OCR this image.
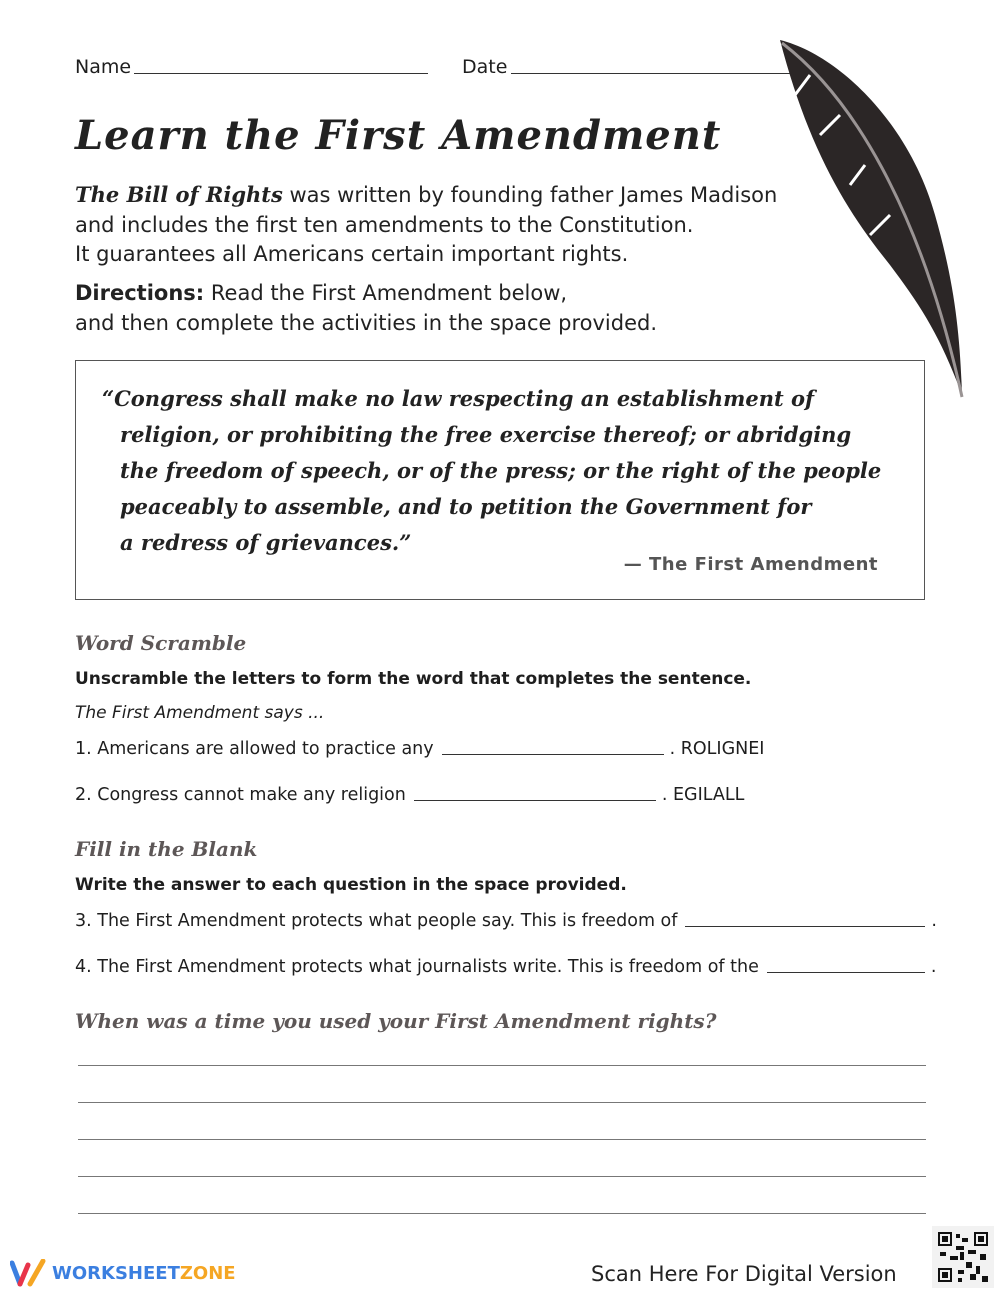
Name	Date
Learn the First Amendment
The Bill of Rights was written by founding father James Madison
and includes the first ten amendments to the Constitution.
It guarantees all Americans certain important rights.
Directions: Read the First Amendment below,
and then complete the activities in the space provided.
“Congress shall make no law respecting an establishment of
religion, or prohibiting the free exercise thereof; or abridging
the freedom of speech, or of the press; or the right of the people
peaceably to assemble, and to petition the Government for
a redress of grievances.”
— The First Amendment
Word Scramble
Unscramble the letters to form the word that completes the sentence.
The First Amendment says ...
1. Americans are allowed to practice any	. ROLIGNEI
2. Congress cannot make any religion	. EGILALL
Fill in the Blank
Write the answer to each question in the space provided.
3. The First Amendment protects what people say. This is freedom of	.
4. The First Amendment protects what journalists write. This is freedom of the	.
When was a time you used your First Amendment rights?
WORKSHEET ZONE	Scan Here For Digital Version
